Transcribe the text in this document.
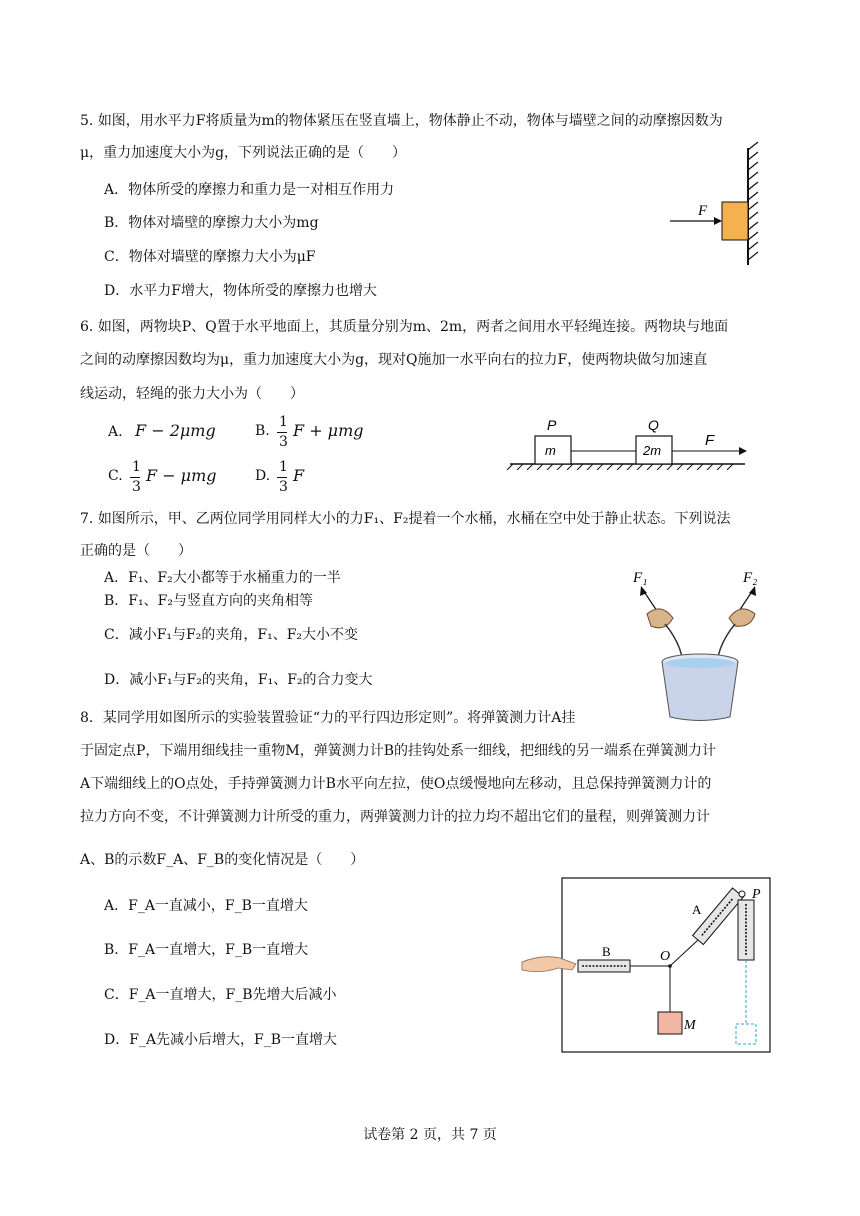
5. 如图，用水平力F将质量为m的物体紧压在竖直墙上，物体静止不动，物体与墙壁之间的动摩擦因数为
μ，重力加速度大小为g，下列说法正确的是（　　）
A．物体所受的摩擦力和重力是一对相互作用力
B．物体对墙壁的摩擦力大小为mg
C．物体对墙壁的摩擦力大小为μF
D．水平力F增大，物体所受的摩擦力也增大
F
6. 如图，两物块P、Q置于水平地面上，其质量分别为m、2m，两者之间用水平轻绳连接。两物块与地面
之间的动摩擦因数均为μ，重力加速度大小为g，现对Q施加一水平向右的拉力F，使两物块做匀加速直
线运动，轻绳的张力大小为（　　）
A. F − 2μmg	B.
1
3
F + μmg
C.
1
3
F − μmg	D.
1
3
F
P	Q
m	2m
F
7. 如图所示，甲、乙两位同学用同样大小的力F₁、F₂提着一个水桶，水桶在空中处于静止状态。下列说法
正确的是（　　）
A．F₁、F₂大小都等于水桶重力的一半
B．F₁、F₂与竖直方向的夹角相等
C．减小F₁与F₂的夹角，F₁、F₂大小不变
D．减小F₁与F₂的夹角，F₁、F₂的合力变大
F₁	F₂
8．某同学用如图所示的实验装置验证“力的平行四边形定则”。将弹簧测力计A挂
于固定点P，下端用细线挂一重物M，弹簧测力计B的挂钩处系一细线，把细线的另一端系在弹簧测力计
A下端细线上的O点处，手持弹簧测力计B水平向左拉，使O点缓慢地向左移动，且总保持弹簧测力计的
拉力方向不变，不计弹簧测力计所受的重力，两弹簧测力计的拉力均不超出它们的量程，则弹簧测力计
A、B的示数F_A、F_B的变化情况是（　　）
A．F_A一直减小，F_B一直增大
B．F_A一直增大，F_B一直增大
C．F_A一直增大，F_B先增大后减小
D．F_A先减小后增大，F_B一直增大
B
A
O
M
P
试卷第 2 页，共 7 页
